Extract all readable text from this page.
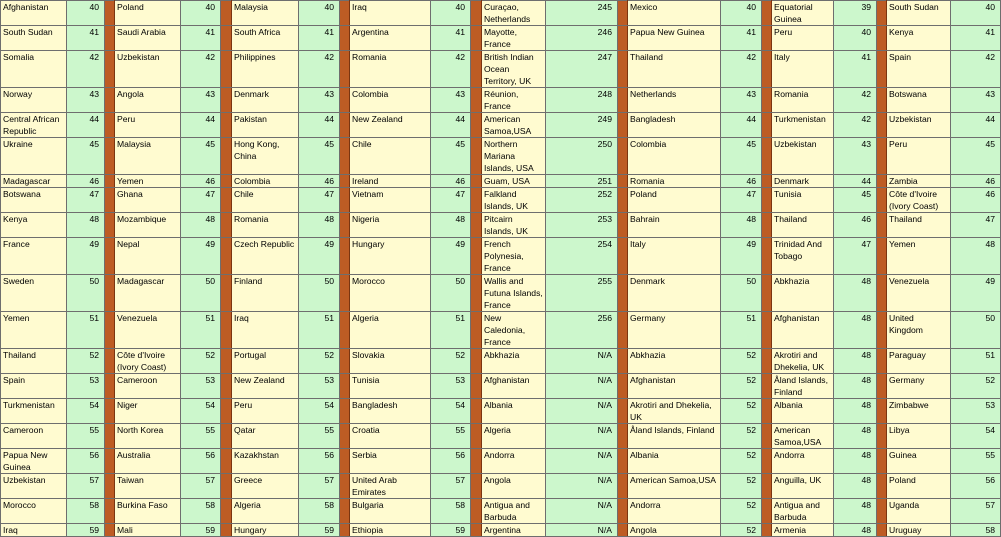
Afghanistan	40		Poland	40		Malaysia	40		Iraq	40		Curaçao, Netherlands	245		Mexico	40		Equatorial Guinea	39		South Sudan	40
South Sudan	41		Saudi Arabia	41		South Africa	41		Argentina	41		Mayotte, France	246		Papua New Guinea	41		Peru	40		Kenya	41
Somalia	42		Uzbekistan	42		Philippines	42		Romania	42		British Indian Ocean Territory, UK	247		Thailand	42		Italy	41		Spain	42
Norway	43		Angola	43		Denmark	43		Colombia	43		Réunion, France	248		Netherlands	43		Romania	42		Botswana	43
Central African Republic	44		Peru	44		Pakistan	44		New Zealand	44		American Samoa,USA	249		Bangladesh	44		Turkmenistan	42		Uzbekistan	44
Ukraine	45		Malaysia	45		Hong Kong, China	45		Chile	45		Northern Mariana Islands, USA	250		Colombia	45		Uzbekistan	43		Peru	45
Madagascar	46		Yemen	46		Colombia	46		Ireland	46		Guam, USA	251		Romania	46		Denmark	44		Zambia	46
Botswana	47		Ghana	47		Chile	47		Vietnam	47		Falkland Islands, UK	252		Poland	47		Tunisia	45		Côte d'Ivoire (Ivory Coast)	46
Kenya	48		Mozambique	48		Romania	48		Nigeria	48		Pitcairn Islands, UK	253		Bahrain	48		Thailand	46		Thailand	47
France	49		Nepal	49		Czech Republic	49		Hungary	49		French Polynesia, France	254		Italy	49		Trinidad And Tobago	47		Yemen	48
Sweden	50		Madagascar	50		Finland	50		Morocco	50		Wallis and Futuna Islands, France	255		Denmark	50		Abkhazia	48		Venezuela	49
Yemen	51		Venezuela	51		Iraq	51		Algeria	51		New Caledonia, France	256		Germany	51		Afghanistan	48		United Kingdom	50
Thailand	52		Côte d'Ivoire (Ivory Coast)	52		Portugal	52		Slovakia	52		Abkhazia	N/A		Abkhazia	52		Akrotiri and Dhekelia, UK	48		Paraguay	51
Spain	53		Cameroon	53		New Zealand	53		Tunisia	53		Afghanistan	N/A		Afghanistan	52		Åland Islands, Finland	48		Germany	52
Turkmenistan	54		Niger	54		Peru	54		Bangladesh	54		Albania	N/A		Akrotiri and Dhekelia, UK	52		Albania	48		Zimbabwe	53
Cameroon	55		North Korea	55		Qatar	55		Croatia	55		Algeria	N/A		Åland Islands, Finland	52		American Samoa,USA	48		Libya	54
Papua New Guinea	56		Australia	56		Kazakhstan	56		Serbia	56		Andorra	N/A		Albania	52		Andorra	48		Guinea	55
Uzbekistan	57		Taiwan	57		Greece	57		United Arab Emirates	57		Angola	N/A		American Samoa,USA	52		Anguilla, UK	48		Poland	56
Morocco	58		Burkina Faso	58		Algeria	58		Bulgaria	58		Antigua and Barbuda	N/A		Andorra	52		Antigua and Barbuda	48		Uganda	57
Iraq	59		Mali	59		Hungary	59		Ethiopia	59		Argentina	N/A		Angola	52		Armenia	48		Uruguay	58
